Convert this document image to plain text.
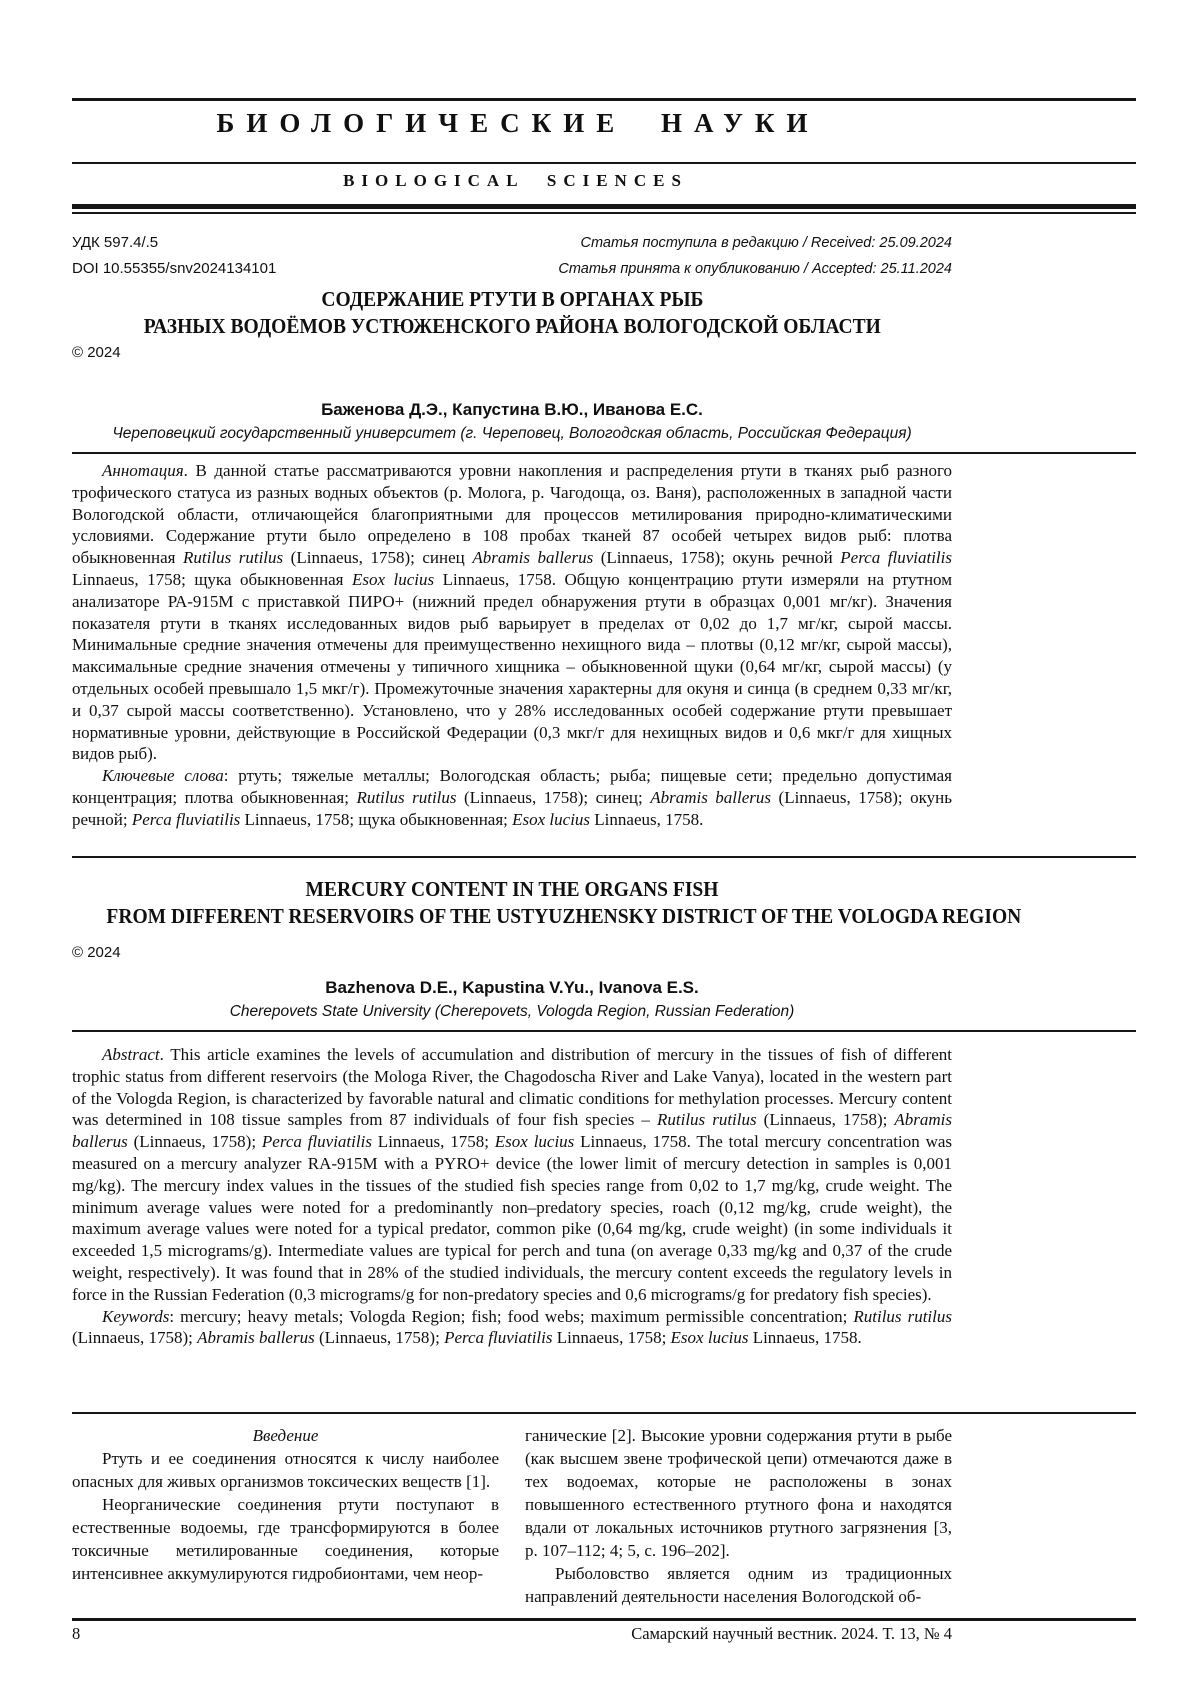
БИОЛОГИЧЕСКИЕ НАУКИ
BIOLOGICAL SCIENCES
УДК 597.4/.5
DOI 10.55355/snv2024134101
Статья поступила в редакцию / Received: 25.09.2024
Статья принята к опубликованию / Accepted: 25.11.2024
СОДЕРЖАНИЕ РТУТИ В ОРГАНАХ РЫБ
РАЗНЫХ ВОДОЁМОВ УСТЮЖЕНСКОГО РАЙОНА ВОЛОГОДСКОЙ ОБЛАСТИ
© 2024
Баженова Д.Э., Капустина В.Ю., Иванова Е.С.
Череповецкий государственный университет (г. Череповец, Вологодская область, Российская Федерация)

Аннотация. В данной статье рассматриваются уровни накопления и распределения ртути в тканях рыб разного трофического статуса из разных водных объектов (р. Молога, р. Чагодоща, оз. Ваня), расположенных в западной части Вологодской области, отличающейся благоприятными для процессов метилирования природно-климатическими условиями. Содержание ртути было определено в 108 пробах тканей 87 особей четырех видов рыб: плотва обыкновенная Rutilus rutilus (Linnaeus, 1758); синец Abramis ballerus (Linnaeus, 1758); окунь речной Perca fluviatilis Linnaeus, 1758; щука обыкновенная Esox lucius Linnaeus, 1758. Общую концентрацию ртути измеряли на ртутном анализаторе РА-915М с приставкой ПИРО+ (нижний предел обнаружения ртути в образцах 0,001 мг/кг). Значения показателя ртути в тканях исследованных видов рыб варьирует в пределах от 0,02 до 1,7 мг/кг, сырой массы. Минимальные средние значения отмечены для преимущественно нехищного вида – плотвы (0,12 мг/кг, сырой массы), максимальные средние значения отмечены у типичного хищника – обыкновенной щуки (0,64 мг/кг, сырой массы) (у отдельных особей превышало 1,5 мкг/г). Промежуточные значения характерны для окуня и синца (в среднем 0,33 мг/кг, и 0,37 сырой массы соответственно). Установлено, что у 28% исследованных особей содержание ртути превышает нормативные уровни, действующие в Российской Федерации (0,3 мкг/г для нехищных видов и 0,6 мкг/г для хищных видов рыб).

Ключевые слова: ртуть; тяжелые металлы; Вологодская область; рыба; пищевые сети; предельно допустимая концентрация; плотва обыкновенная; Rutilus rutilus (Linnaeus, 1758); синец; Abramis ballerus (Linnaeus, 1758); окунь речной; Perca fluviatilis Linnaeus, 1758; щука обыкновенная; Esox lucius Linnaeus, 1758.

MERCURY CONTENT IN THE ORGANS FISH
FROM DIFFERENT RESERVOIRS OF THE USTYUZHENSKY DISTRICT OF THE VOLOGDA REGION
© 2024
Bazhenova D.E., Kapustina V.Yu., Ivanova E.S.
Cherepovets State University (Cherepovets, Vologda Region, Russian Federation)

Abstract. This article examines the levels of accumulation and distribution of mercury in the tissues of fish of different trophic status from different reservoirs (the Mologa River, the Chagodoscha River and Lake Vanya), located in the western part of the Vologda Region, is characterized by favorable natural and climatic conditions for methylation processes. Mercury content was determined in 108 tissue samples from 87 individuals of four fish species – Rutilus rutilus (Linnaeus, 1758); Abramis ballerus (Linnaeus, 1758); Perca fluviatilis Linnaeus, 1758; Esox lucius Linnaeus, 1758. The total mercury concentration was measured on a mercury analyzer RA-915M with a PYRO+ device (the lower limit of mercury detection in samples is 0,001 mg/kg). The mercury index values in the tissues of the studied fish species range from 0,02 to 1,7 mg/kg, crude weight. The minimum average values were noted for a predominantly non–predatory species, roach (0,12 mg/kg, crude weight), the maximum average values were noted for a typical predator, common pike (0,64 mg/kg, crude weight) (in some individuals it exceeded 1,5 micrograms/g). Intermediate values are typical for perch and tuna (on average 0,33 mg/kg and 0,37 of the crude weight, respectively). It was found that in 28% of the studied individuals, the mercury content exceeds the regulatory levels in force in the Russian Federation (0,3 micrograms/g for non-predatory species and 0,6 micrograms/g for predatory fish species).

Keywords: mercury; heavy metals; Vologda Region; fish; food webs; maximum permissible concentration; Rutilus rutilus (Linnaeus, 1758); Abramis ballerus (Linnaeus, 1758); Perca fluviatilis Linnaeus, 1758; Esox lucius Linnaeus, 1758.

Введение

Ртуть и ее соединения относятся к числу наиболее опасных для живых организмов токсических веществ [1].

Неорганические соединения ртути поступают в естественные водоемы, где трансформируются в более токсичные метилированные соединения, которые интенсивнее аккумулируются гидробионтами, чем неор-

ганические [2]. Высокие уровни содержания ртути в рыбе (как высшем звене трофической цепи) отмечаются даже в тех водоемах, которые не расположены в зонах повышенного естественного ртутного фона и находятся вдали от локальных источников ртутного загрязнения [3, p. 107–112; 4; 5, с. 196–202].

Рыболовство является одним из традиционных направлений деятельности населения Вологодской об-

8	Самарский научный вестник. 2024. Т. 13, № 4
